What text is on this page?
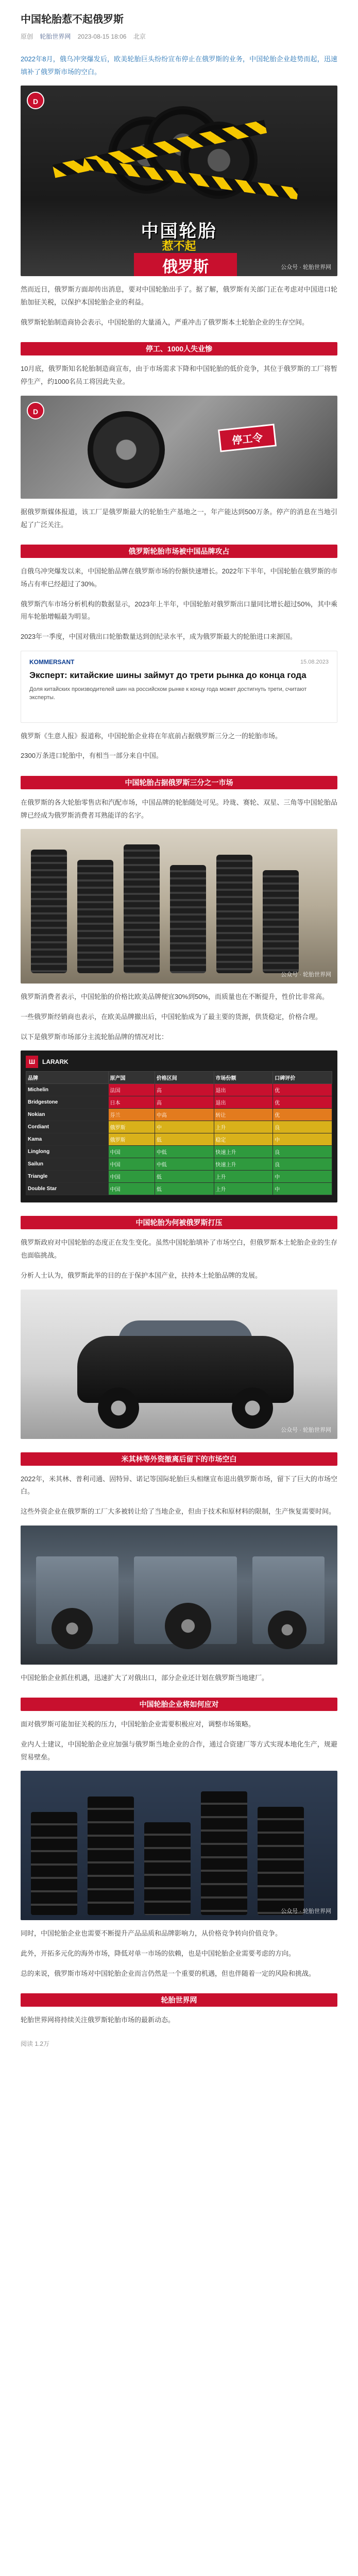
中国轮胎惹不起俄罗斯
原创 轮胎世界网 2023-08-15 18:06 北京

2022年8月，俄乌冲突爆发后，欧美轮胎巨头纷纷宣布停止在俄罗斯的业务，中国轮胎企业趁势而起，迅速填补了俄罗斯市场的空白。

D
中国轮胎
惹不起
俄罗斯	公众号 · 轮胎世界网

然而近日，俄罗斯方面却传出消息，要对中国轮胎出手了。据了解，俄罗斯有关部门正在考虑对中国进口轮胎加征关税，以保护本国轮胎企业的利益。

俄罗斯轮胎制造商协会表示，中国轮胎的大量涌入，严重冲击了俄罗斯本土轮胎企业的生存空间。

停工、1000人失业惨

10月底，俄罗斯知名轮胎制造商宣布，由于市场需求下降和中国轮胎的低价竞争，其位于俄罗斯的工厂将暂停生产，约1000名员工将因此失业。

D
停工令

据俄罗斯媒体报道，该工厂是俄罗斯最大的轮胎生产基地之一，年产能达到500万条。停产的消息在当地引起了广泛关注。

俄罗斯轮胎市场被中国品牌攻占

自俄乌冲突爆发以来，中国轮胎品牌在俄罗斯市场的份额快速增长。2022年下半年，中国轮胎在俄罗斯的市场占有率已经超过了30%。

俄罗斯汽车市场分析机构的数据显示，2023年上半年，中国轮胎对俄罗斯出口量同比增长超过50%，其中乘用车轮胎增幅最为明显。

2023年一季度，中国对俄出口轮胎数量达到创纪录水平，成为俄罗斯最大的轮胎进口来源国。

KOMMERSANT	15.08.2023
Эксперт: китайские шины займут до трети рынка до конца года
Доля китайских производителей шин на российском рынке к концу года может достигнуть трети, считают эксперты.

俄罗斯《生意人报》报道称，中国轮胎企业将在年底前占据俄罗斯三分之一的轮胎市场。

2300万条进口轮胎中，有相当一部分来自中国。

中国轮胎占据俄罗斯三分之一市场

在俄罗斯的各大轮胎零售店和汽配市场，中国品牌的轮胎随处可见。玲珑、赛轮、双星、三角等中国轮胎品牌已经成为俄罗斯消费者耳熟能详的名字。

公众号 · 轮胎世界网

俄罗斯消费者表示，中国轮胎的价格比欧美品牌便宜30%到50%，而质量也在不断提升，性价比非常高。

一些俄罗斯经销商也表示，在欧美品牌撤出后，中国轮胎成为了最主要的货源，供货稳定，价格合理。

以下是俄罗斯市场部分主流轮胎品牌的情况对比：

Ш	LARARK
品牌	原产国	价格区间	市场份额	口碑评价
Michelin	法国	高	退出	优
Bridgestone	日本	高	退出	优
Nokian	芬兰	中高	转让	优
Cordiant	俄罗斯	中	上升	良
Kama	俄罗斯	低	稳定	中
Linglong	中国	中低	快速上升	良
Sailun	中国	中低	快速上升	良
Triangle	中国	低	上升	中
Double Star	中国	低	上升	中
中国轮胎为何被俄罗斯打压

俄罗斯政府对中国轮胎的态度正在发生变化。虽然中国轮胎填补了市场空白，但俄罗斯本土轮胎企业的生存也面临挑战。

分析人士认为，俄罗斯此举的目的在于保护本国产业，扶持本土轮胎品牌的发展。

公众号 · 轮胎世界网
米其林等外资撤离后留下的市场空白

2022年，米其林、普利司通、固特异、诺记等国际轮胎巨头相继宣布退出俄罗斯市场，留下了巨大的市场空白。

这些外资企业在俄罗斯的工厂大多被转让给了当地企业，但由于技术和原材料的限制，生产恢复需要时间。

中国轮胎企业抓住机遇，迅速扩大了对俄出口，部分企业还计划在俄罗斯当地建厂。

中国轮胎企业将如何应对

面对俄罗斯可能加征关税的压力，中国轮胎企业需要积极应对，调整市场策略。

业内人士建议，中国轮胎企业应加强与俄罗斯当地企业的合作，通过合资建厂等方式实现本地化生产，规避贸易壁垒。

公众号 · 轮胎世界网

同时，中国轮胎企业也需要不断提升产品品质和品牌影响力，从价格竞争转向价值竞争。

此外，开拓多元化的海外市场，降低对单一市场的依赖，也是中国轮胎企业需要考虑的方向。

总的来说，俄罗斯市场对中国轮胎企业而言仍然是一个重要的机遇，但也伴随着一定的风险和挑战。

轮胎世界网

轮胎世界网将持续关注俄罗斯轮胎市场的最新动态。

阅读 1.2万
